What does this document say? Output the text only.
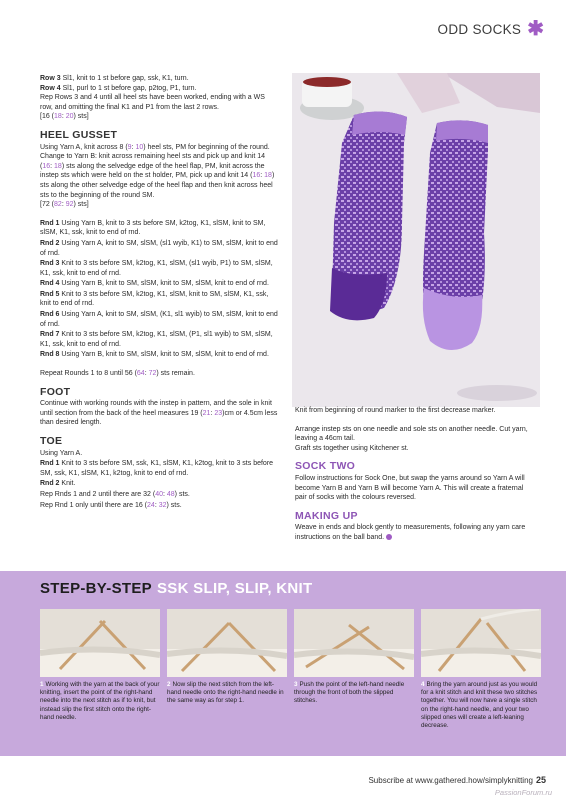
ODD SOCKS ✱
Row 3 Sl1, knit to 1 st before gap, ssk, K1, turn.
Row 4 Sl1, purl to 1 st before gap, p2tog, P1, turn.
Rep Rows 3 and 4 until all heel sts have been worked, ending with a WS row, and omitting the final K1 and P1 from the last 2 rows.
[16 (18: 20) sts]
HEEL GUSSET
Using Yarn A, knit across 8 (9: 10) heel sts, PM for beginning of the round. Change to Yarn B: knit across remaining heel sts and pick up and knit 14 (16: 18) sts along the selvedge edge of the heel flap, PM, knit across the instep sts which were held on the st holder, PM, pick up and knit 14 (16: 18) sts along the other selvedge edge of the heel flap and then knit across heel sts to the beginning of the round SM.
[72 (82: 92) sts]
Rnd 1 Using Yarn B, knit to 3 sts before SM, k2tog, K1, slSM, knit to SM, slSM, K1, ssk, knit to end of rnd.
Rnd 2 Using Yarn A, knit to SM, slSM, (sl1 wyib, K1) to SM, slSM, knit to end of rnd.
Rnd 3 Knit to 3 sts before SM, k2tog, K1, slSM, (sl1 wyib, P1) to SM, slSM, K1, ssk, knit to end of rnd.
Rnd 4 Using Yarn B, knit to SM, slSM, knit to SM, slSM, knit to end of rnd.
Rnd 5 Knit to 3 sts before SM, k2tog, K1, slSM, knit to SM, slSM, K1, ssk, knit to end of rnd.
Rnd 6 Using Yarn A, knit to SM, slSM, (K1, sl1 wyib) to SM, slSM, knit to end of rnd.
Rnd 7 Knit to 3 sts before SM, k2tog, K1, slSM, (P1, sl1 wyib) to SM, slSM, K1, ssk, knit to end of rnd.
Rnd 8 Using Yarn B, knit to SM, slSM, knit to SM, slSM, knit to end of rnd.
Repeat Rounds 1 to 8 until 56 (64: 72) sts remain.
FOOT
Continue with working rounds with the instep in pattern, and the sole in knit until section from the back of the heel measures 19 (21: 23)cm or 4.5cm less than desired length.
TOE
Using Yarn A.
Rnd 1 Knit to 3 sts before SM, ssk, K1, slSM, K1, k2tog, knit to 3 sts before SM, ssk, K1, slSM, K1, k2tog, knit to end of rnd.
Rnd 2 Knit.
Rep Rnds 1 and 2 until there are 32 (40: 48) sts.
Rep Rnd 1 only until there are 16 (24: 32) sts.
Knit from beginning of round marker to the first decrease marker.
Arrange instep sts on one needle and sole sts on another needle. Cut yarn, leaving a 46cm tail.
Graft sts together using Kitchener st.
SOCK TWO
Follow instructions for Sock One, but swap the yarns around so Yarn A will become Yarn B and Yarn B will become Yarn A. This will create a fraternal pair of socks with the colours reversed.
MAKING UP
Weave in ends and block gently to measurements, following any yarn care instructions on the ball band.
STEP-BY-STEP SSK SLIP, SLIP, KNIT
1 Working with the yarn at the back of your knitting, insert the point of the right-hand needle into the next stitch as if to knit, but instead slip the first stitch onto the right-hand needle.
2 Now slip the next stitch from the left-hand needle onto the right-hand needle in the same way as for step 1.
3 Push the point of the left-hand needle through the front of both the slipped stitches.
4 Bring the yarn around just as you would for a knit stitch and knit these two stitches together. You will now have a single stitch on the right-hand needle, and your two slipped ones will create a left-leaning decrease.
Subscribe at www.gathered.how/simplyknitting 25
PassionForum.ru
